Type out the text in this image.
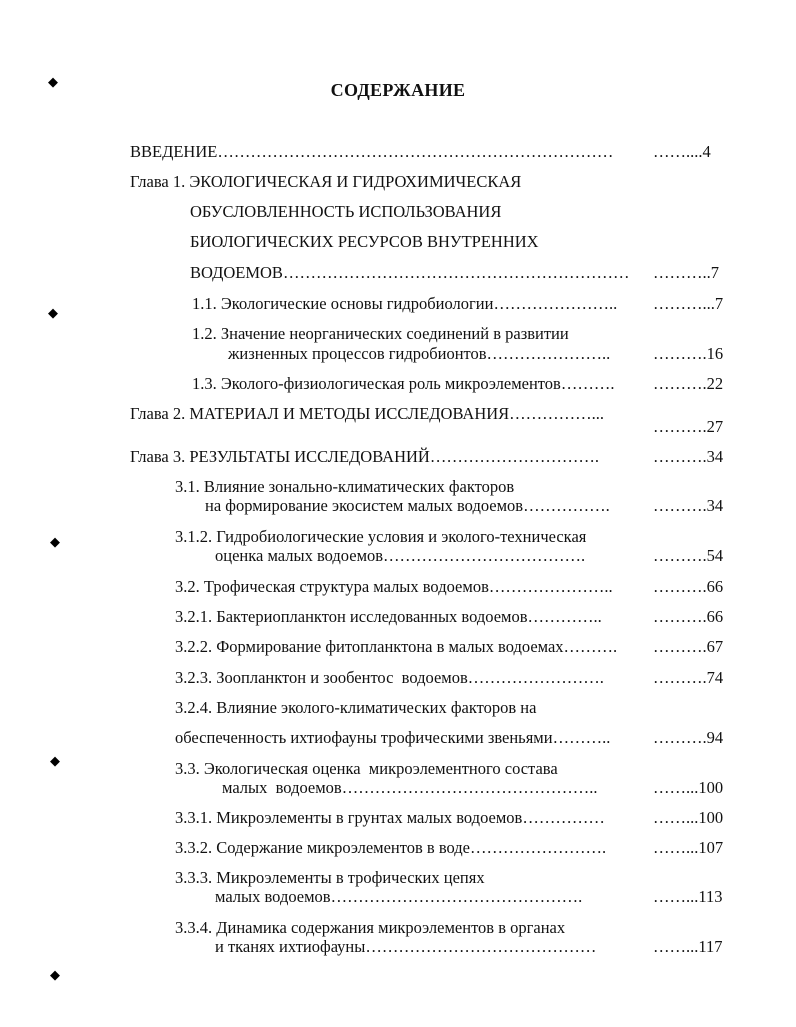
СОДЕРЖАНИЕ
ВВЕДЕНИЕ……………………………………………………………… ……....4
Глава 1. ЭКОЛОГИЧЕСКАЯ И ГИДРОХИМИЧЕСКАЯ
ОБУСЛОВЛЕННОСТЬ ИСПОЛЬЗОВАНИЯ
БИОЛОГИЧЕСКИХ РЕСУРСОВ ВНУТРЕННИХ
ВОДОЕМОВ……………………………………………………… ………..7
1.1. Экологические основы гидробиологии………………….. ………...7
1.2. Значение неорганических соединений в развитии
жизненных процессов гидробионтов…………………..	……….16
1.3. Эколого-физиологическая роль микроэлементов………. ……….22
Глава 2. МАТЕРИАЛ И МЕТОДЫ ИССЛЕДОВАНИЯ……………...
……….27
Глава 3. РЕЗУЛЬТАТЫ ИССЛЕДОВАНИЙ………………………….	……….34
3.1. Влияние зонально-климатических факторов
на формирование экосистем малых водоемов…………….	……….34
3.1.2. Гидробиологические условия и эколого-техническая
оценка малых водоемов……………………………….	……….54
3.2. Трофическая структура малых водоемов………………….. ……….66
3.2.1. Бактериопланктон исследованных водоемов…………..	……….66
3.2.2. Формирование фитопланктона в малых водоемах………. ……….67
3.2.3. Зоопланктон и зообентос  водоемов…………………….	……….74
3.2.4. Влияние эколого-климатических факторов на
обеспеченность ихтиофауны трофическими звеньями………..	……….94
3.3. Экологическая оценка  микроэлементного состава
малых  водоемов………………………………………..	……...100
3.3.1. Микроэлементы в грунтах малых водоемов……………	……...100
3.3.2. Содержание микроэлементов в воде…………………….	……...107
3.3.3. Микроэлементы в трофических цепях
малых водоемов……………………………………….	……...113
3.3.4. Динамика содержания микроэлементов в органах
и тканях ихтиофауны……………………………………	……...117
◆
◆
◆
◆
◆
